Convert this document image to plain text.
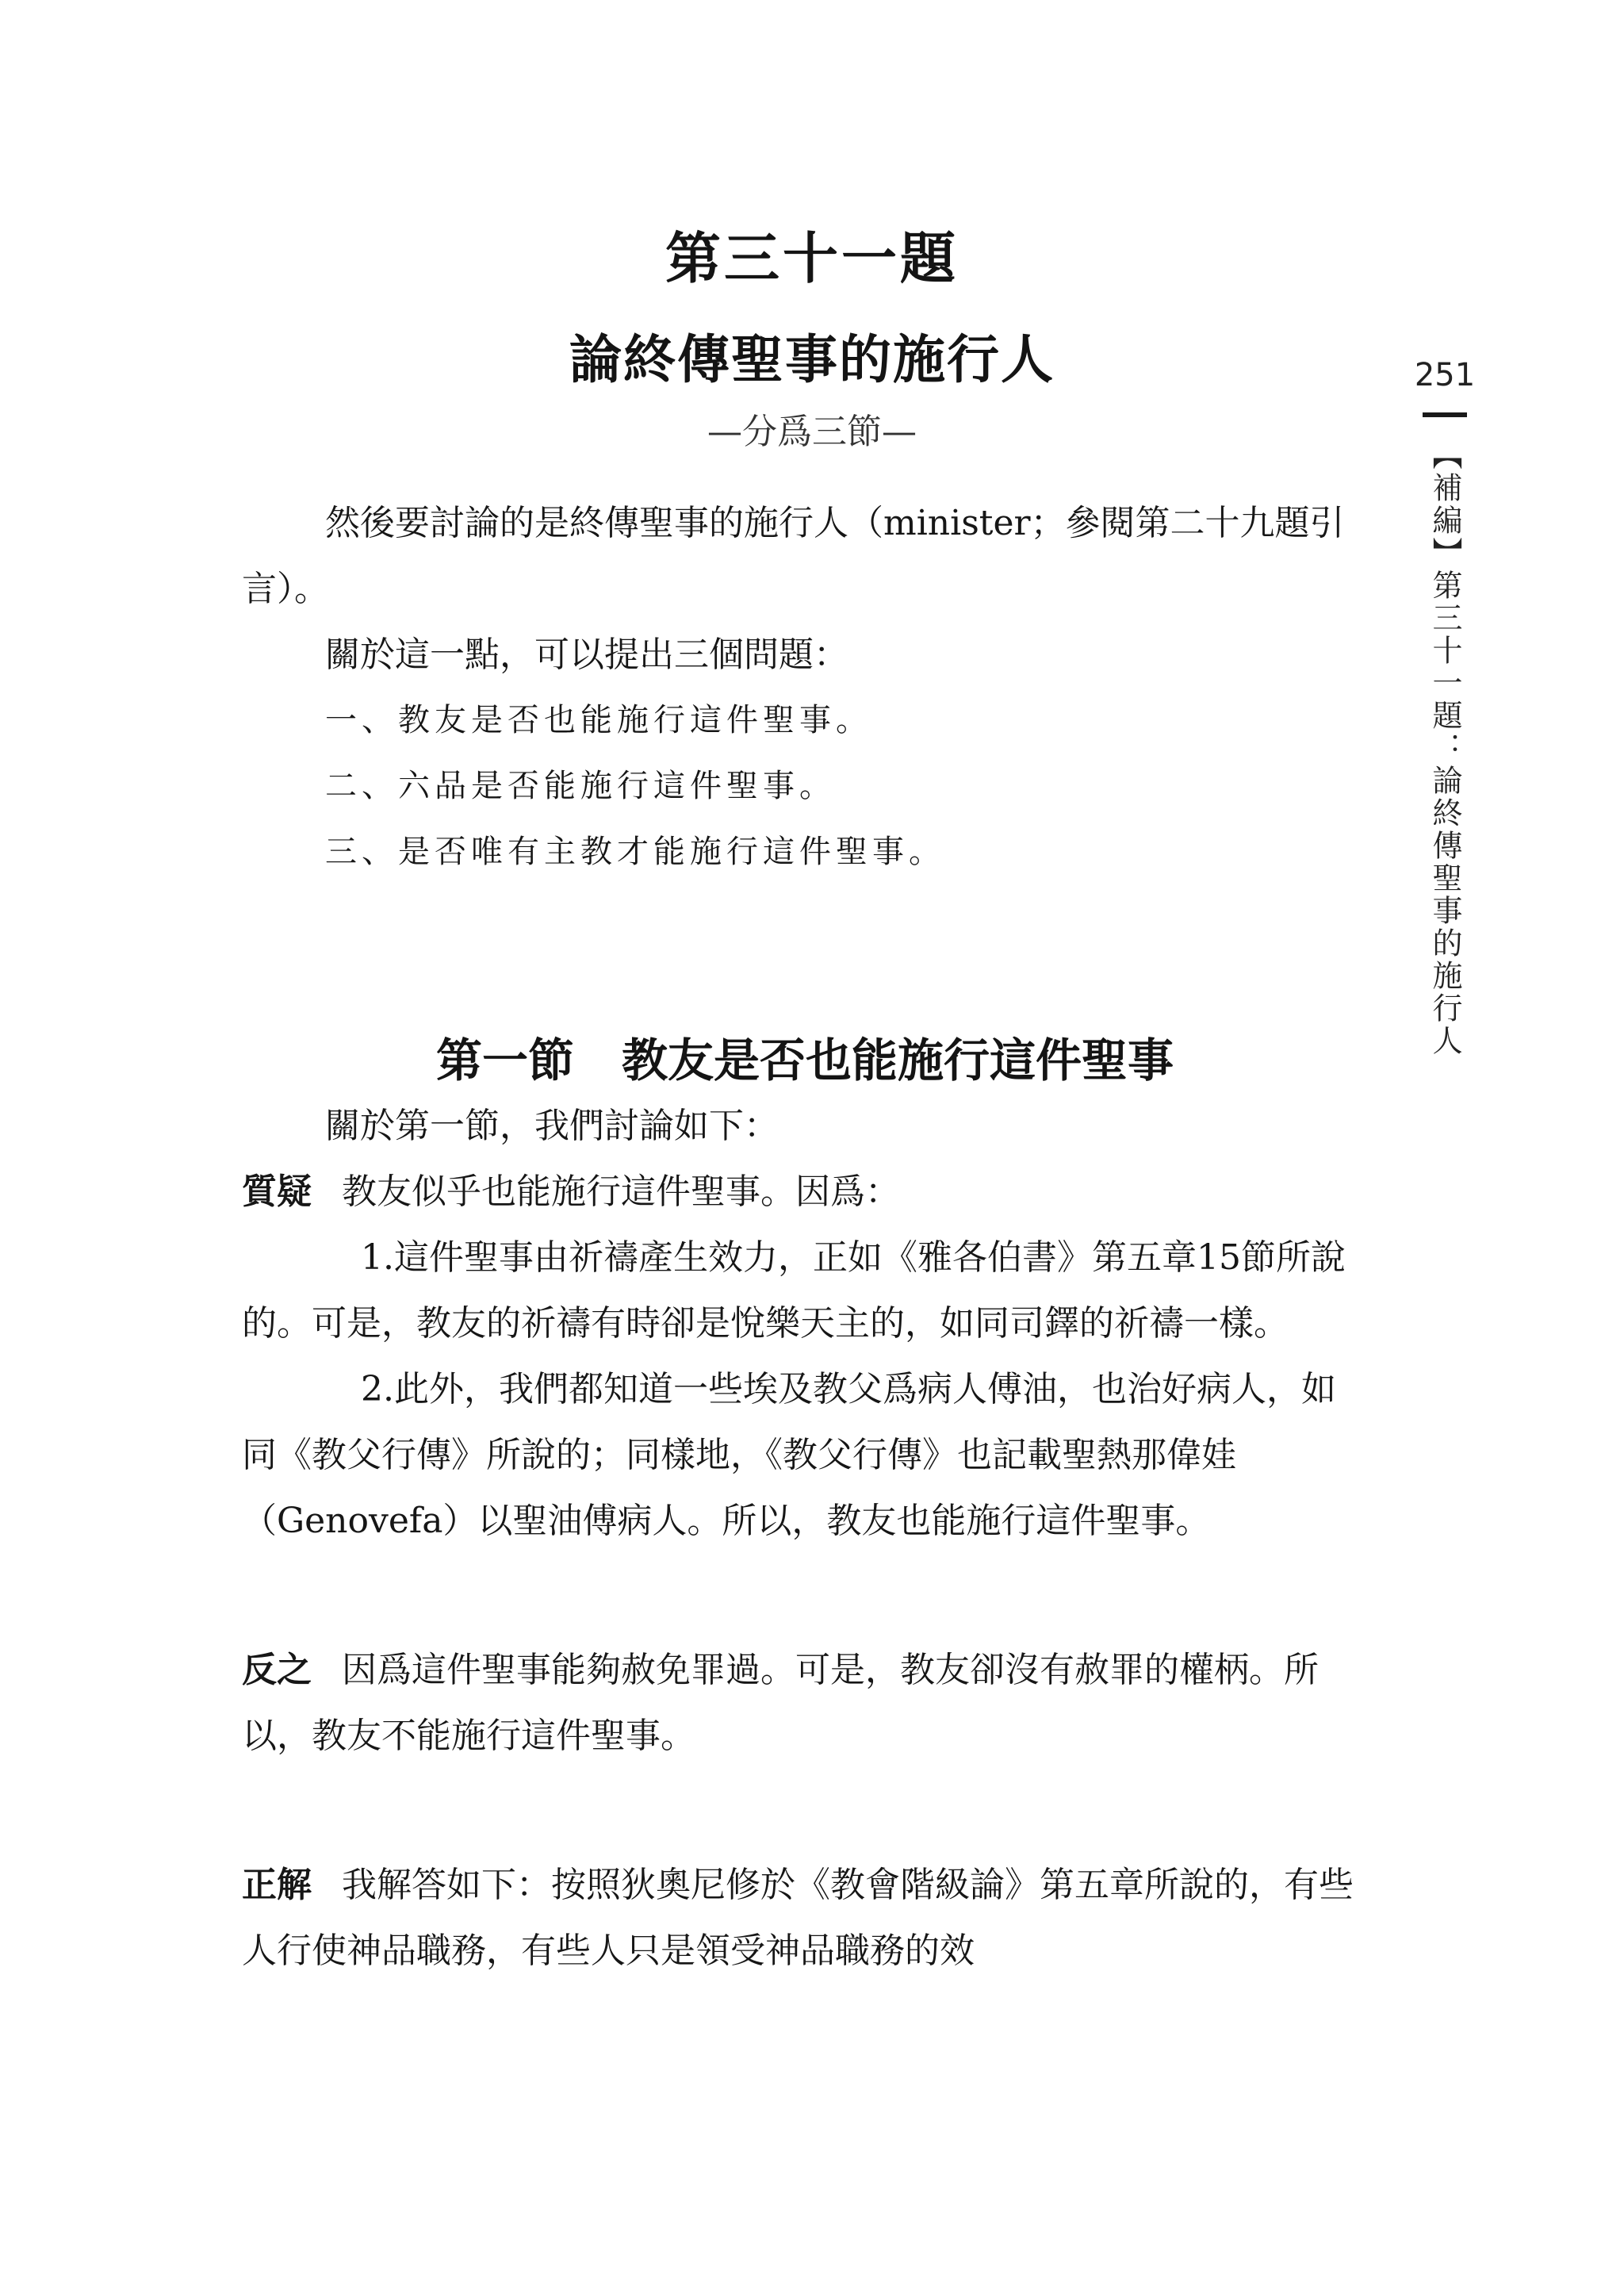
第三十一題
論終傳聖事的施行人

—分爲三節—

然後要討論的是終傳聖事的施行人（minister；參閱第二十九題引言）。

關於這一點，可以提出三個問題：

一、教友是否也能施行這件聖事。

二、六品是否能施行這件聖事。

三、是否唯有主教才能施行這件聖事。

第一節 教友是否也能施行這件聖事

關於第一節，我們討論如下：

質疑 教友似乎也能施行這件聖事。因爲：

1.這件聖事由祈禱產生效力，正如《雅各伯書》第五章15節所說的。可是，教友的祈禱有時卻是悅樂天主的，如同司鐸的祈禱一樣。

2.此外，我們都知道一些埃及教父爲病人傅油，也治好病人，如同《教父行傳》所說的；同樣地，《教父行傳》也記載聖熱那偉娃（Genovefa）以聖油傅病人。所以，教友也能施行這件聖事。

反之 因爲這件聖事能夠赦免罪過。可是，教友卻沒有赦罪的權柄。所以，教友不能施行這件聖事。

正解 我解答如下：按照狄奧尼修於《教會階級論》第五章所說的，有些人行使神品職務，有些人只是領受神品職務的效

251
【補編】第三十一題：論終傳聖事的施行人
